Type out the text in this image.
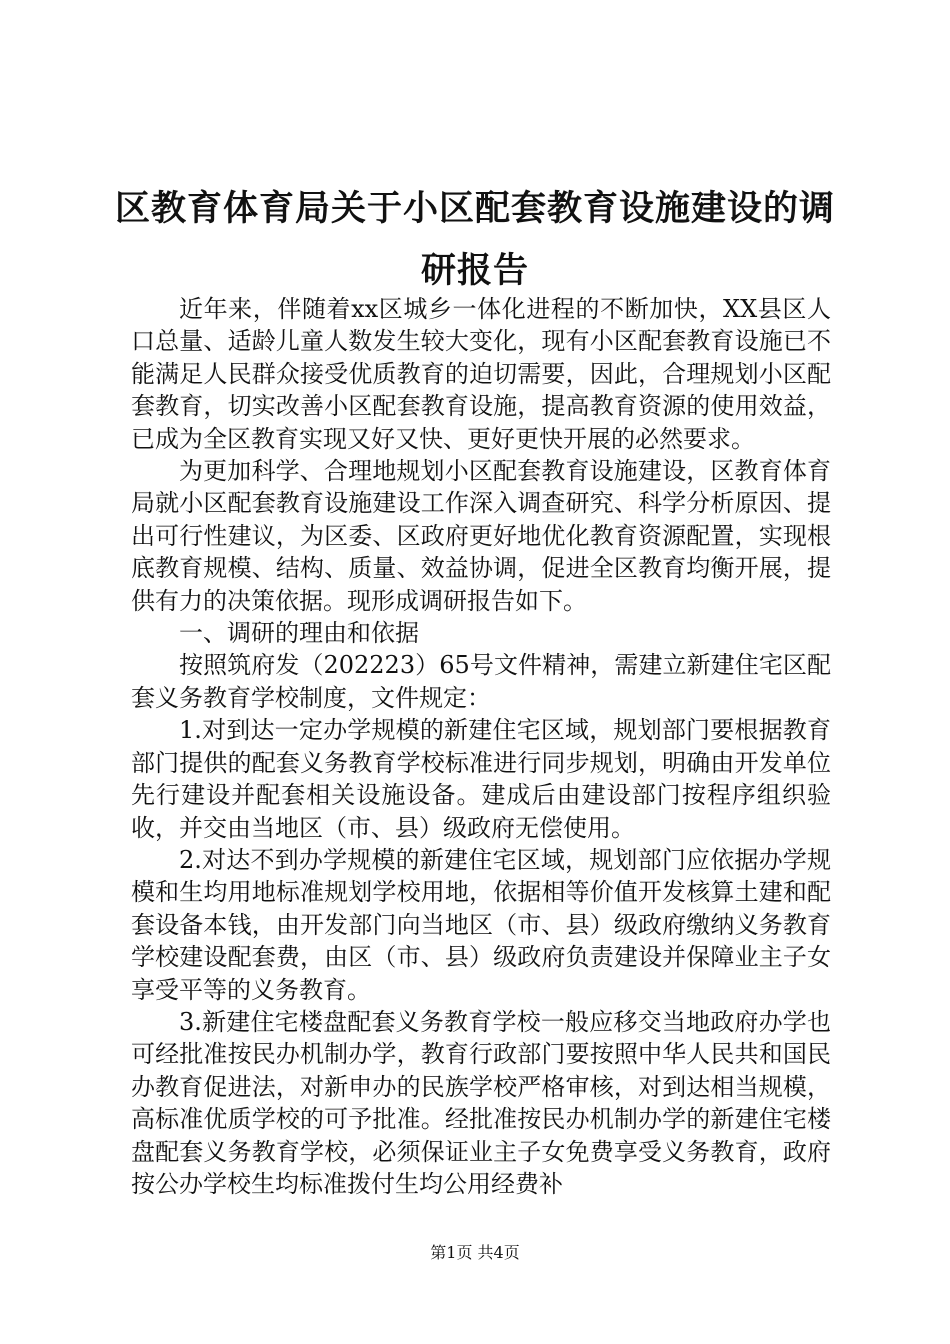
区教育体育局关于小区配套教育设施建设的调研报告

近年来，伴随着xx区城乡一体化进程的不断加快，XX县区人口总量、适龄儿童人数发生较大变化，现有小区配套教育设施已不能满足人民群众接受优质教育的迫切需要，因此，合理规划小区配套教育，切实改善小区配套教育设施，提高教育资源的使用效益，已成为全区教育实现又好又快、更好更快开展的必然要求。

为更加科学、合理地规划小区配套教育设施建设，区教育体育局就小区配套教育设施建设工作深入调查研究、科学分析原因、提出可行性建议，为区委、区政府更好地优化教育资源配置，实现根底教育规模、结构、质量、效益协调，促进全区教育均衡开展，提供有力的决策依据。现形成调研报告如下。

一、调研的理由和依据

按照筑府发（202223）65号文件精神，需建立新建住宅区配套义务教育学校制度，文件规定：

1.对到达一定办学规模的新建住宅区域，规划部门要根据教育部门提供的配套义务教育学校标准进行同步规划，明确由开发单位先行建设并配套相关设施设备。建成后由建设部门按程序组织验收，并交由当地区（市、县）级政府无偿使用。

2.对达不到办学规模的新建住宅区域，规划部门应依据办学规模和生均用地标准规划学校用地，依据相等价值开发核算土建和配套设备本钱，由开发部门向当地区（市、县）级政府缴纳义务教育学校建设配套费，由区（市、县）级政府负责建设并保障业主子女享受平等的义务教育。

3.新建住宅楼盘配套义务教育学校一般应移交当地政府办学也可经批准按民办机制办学，教育行政部门要按照中华人民共和国民办教育促进法，对新申办的民族学校严格审核，对到达相当规模，高标准优质学校的可予批准。经批准按民办机制办学的新建住宅楼盘配套义务教育学校，必须保证业主子女免费享受义务教育，政府按公办学校生均标准拨付生均公用经费补

第1页 共4页
